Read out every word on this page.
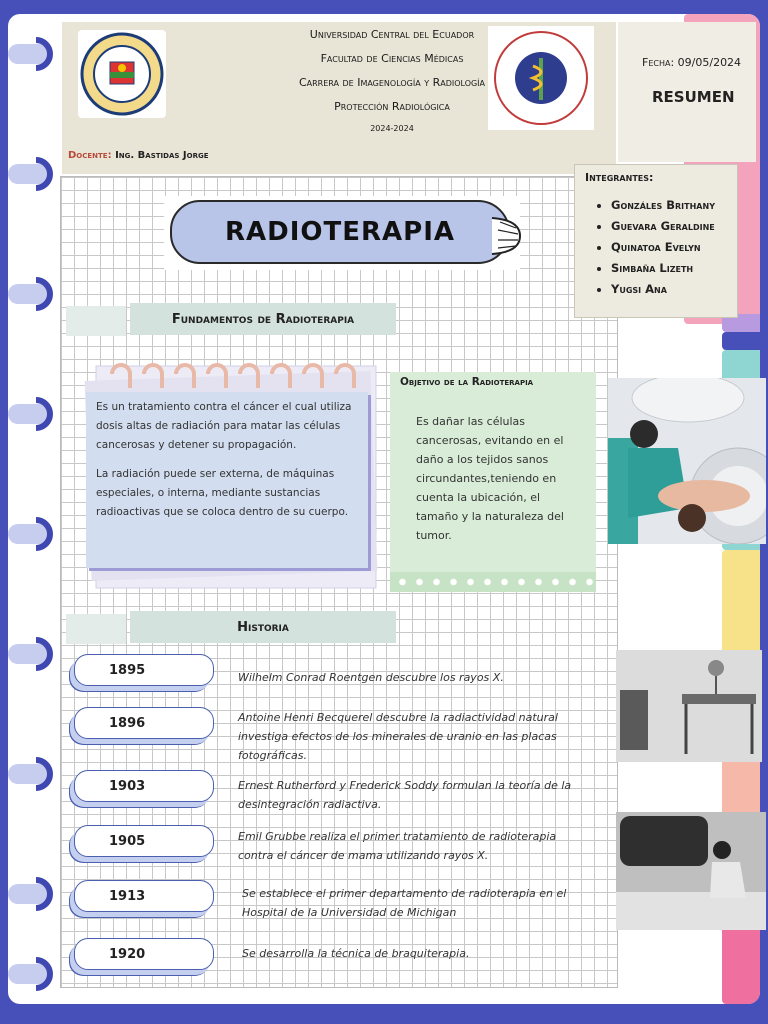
Universidad Central del Ecuador
Facultad de Ciencias Médicas
Carrera de Imagenología y Radiología
Protección Radiológica
2024-2024
Docente: Ing. Bastidas Jorge
Fecha: 09/05/2024
RESUMEN
Integrantes:
• Gonzáles Brithany
• Guevara Geraldine
• Quinatoa Evelyn
• Simbaña Lizeth
• Yugsi Ana
RADIOTERAPIA
Fundamentos de Radioterapia

Es un tratamiento contra el cáncer el cual utiliza dosis altas de radiación para matar las células cancerosas y detener su propagación.

La radiación puede ser externa, de máquinas especiales, o interna, mediante sustancias radioactivas que se coloca dentro de su cuerpo.

Objetivo de la Radioterapia
Es dañar las células cancerosas, evitando en el daño a los tejidos sanos circundantes,teniendo en cuenta la ubicación, el tamaño y la naturaleza del tumor.
Historia
1895	Wilhelm Conrad Roentgen descubre los rayos X.
1896	Antoine Henri Becquerel descubre la radiactividad natural investiga efectos de los minerales de uranio en las placas fotográficas.
1903	Ernest Rutherford y Frederick Soddy formulan la teoría de la desintegración radiactiva.
1905	Emil Grubbe realiza el primer tratamiento de radioterapia contra el cáncer de mama utilizando rayos X.
1913	Se establece el primer departamento de radioterapia en el Hospital de la Universidad de Michigan
1920	Se desarrolla la técnica de braquiterapia.
